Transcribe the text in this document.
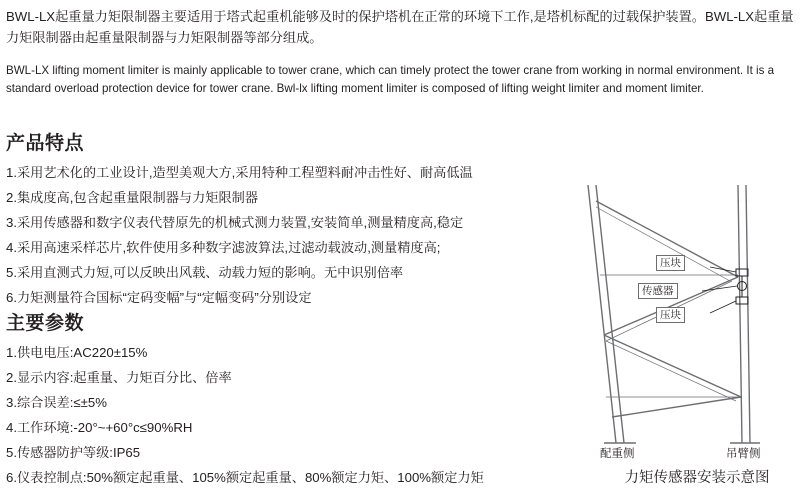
BWL-LX起重量力矩限制器主要适用于塔式起重机能够及时的保护塔机在正常的环境下工作,是塔机标配的过载保护装置。BWL-LX起重量力矩限制器由起重量限制器与力矩限制器等部分组成。
BWL-LX lifting moment limiter is mainly applicable to tower crane, which can timely protect the tower crane from working in normal environment. It is a standard overload protection device for tower crane. Bwl-lx lifting moment limiter is composed of lifting weight limiter and moment limiter.
产品特点
1.采用艺术化的工业设计,造型美观大方,采用特种工程塑料耐冲击性好、耐高低温
2.集成度高,包含起重量限制器与力矩限制器
3.采用传感器和数字仪表代替原先的机械式测力装置,安装简单,测量精度高,稳定
4.采用高速采样芯片,软件使用多种数字滤波算法,过滤动载波动,测量精度高;
5.采用直测式力短,可以反映出风载、动载力短的影响。无中识别倍率
6.力矩测量符合国标“定码变幅”与“定幅变码”分别设定
主要参数
1.供电电压:AC220±15%
2.显示内容:起重量、力矩百分比、倍率
3.综合误差:≤±5%
4.工作环境:-20°~+60°c≤90%RH
5.传感器防护等级:IP65
6.仪表控制点:50%额定起重量、105%额定起重量、80%额定力矩、100%额定力矩
压块
传感器
压块
配重侧	吊臂侧
力矩传感器安装示意图
